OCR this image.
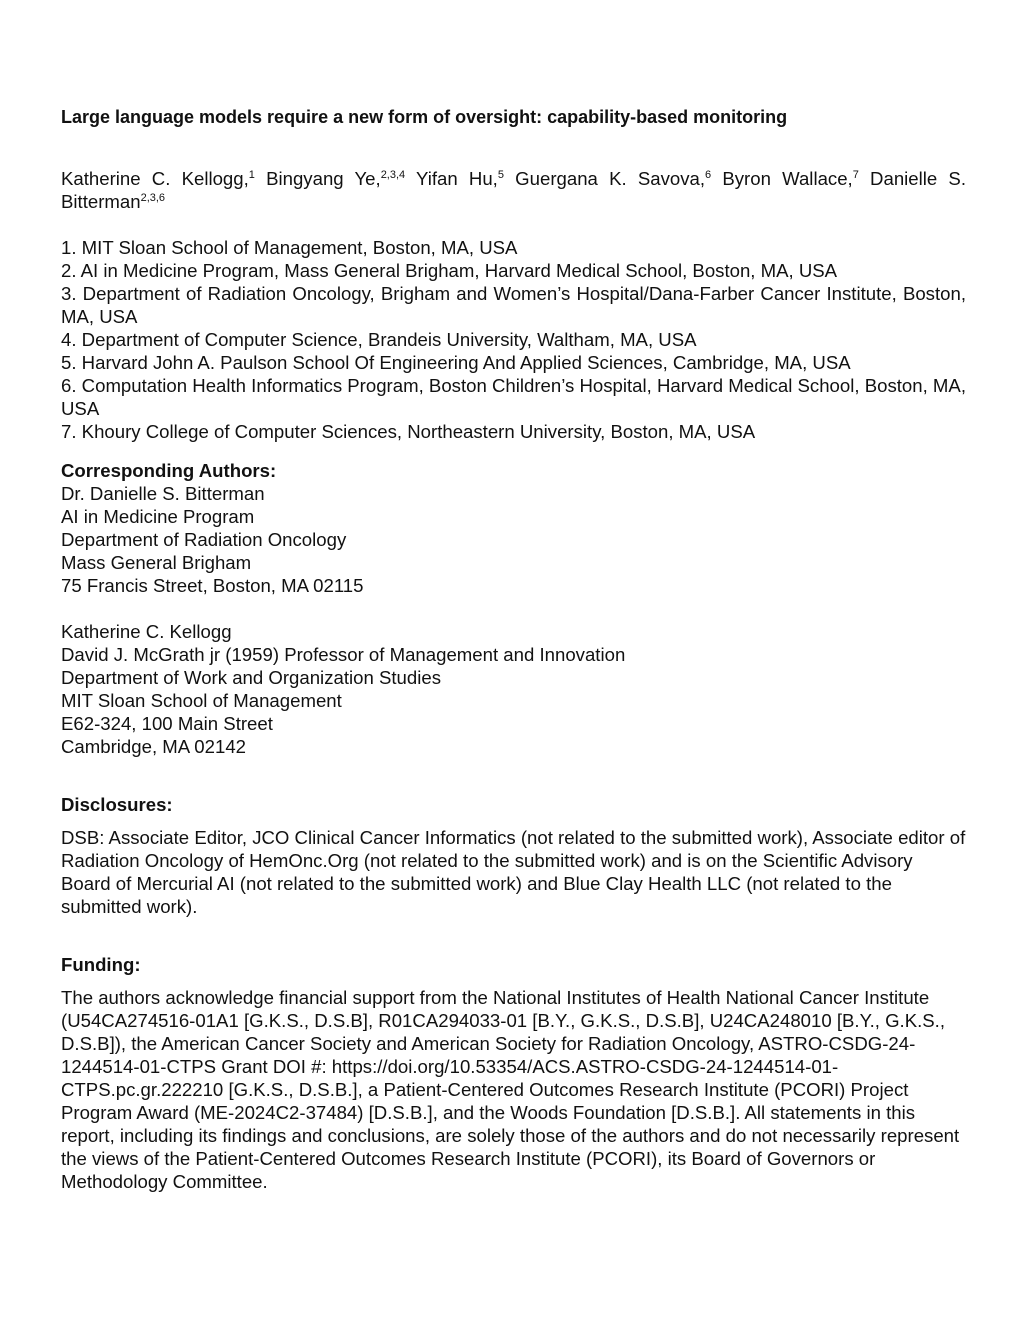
Large language models require a new form of oversight: capability-based monitoring
Katherine C. Kellogg,$^1$ Bingyang Ye,$^{2,3,4}$ Yifan Hu,$^5$ Guergana K. Savova,$^6$ Byron Wallace,$^7$ Danielle S. Bitterman$^{2,3,6}$
1. MIT Sloan School of Management, Boston, MA, USA
2. AI in Medicine Program, Mass General Brigham, Harvard Medical School, Boston, MA, USA
3. Department of Radiation Oncology, Brigham and Women’s Hospital/Dana-Farber Cancer Institute, Boston, MA, USA
4. Department of Computer Science, Brandeis University, Waltham, MA, USA
5. Harvard John A. Paulson School Of Engineering And Applied Sciences, Cambridge, MA, USA
6. Computation Health Informatics Program, Boston Children’s Hospital, Harvard Medical School, Boston, MA, USA
7. Khoury College of Computer Sciences, Northeastern University, Boston, MA, USA
Corresponding Authors:
Dr. Danielle S. Bitterman
AI in Medicine Program
Department of Radiation Oncology
Mass General Brigham
75 Francis Street, Boston, MA 02115
Katherine C. Kellogg
David J. McGrath jr (1959) Professor of Management and Innovation
Department of Work and Organization Studies
MIT Sloan School of Management
E62-324, 100 Main Street
Cambridge, MA 02142
Disclosures:
DSB: Associate Editor, JCO Clinical Cancer Informatics (not related to the submitted work), Associate editor of Radiation Oncology of HemOnc.Org (not related to the submitted work) and is on the Scientific Advisory Board of Mercurial AI (not related to the submitted work) and Blue Clay Health LLC (not related to the submitted work).
Funding:
The authors acknowledge financial support from the National Institutes of Health National Cancer Institute (U54CA274516-01A1 [G.K.S., D.S.B], R01CA294033-01 [B.Y., G.K.S., D.S.B], U24CA248010 [B.Y., G.K.S., D.S.B]), the American Cancer Society and American Society for Radiation Oncology, ASTRO-CSDG-24-1244514-01-CTPS Grant DOI #: https://doi.org/10.53354/ACS.ASTRO-CSDG-24-1244514-01-CTPS.pc.gr.222210 [G.K.S., D.S.B.], a Patient-Centered Outcomes Research Institute (PCORI) Project Program Award (ME-2024C2-37484) [D.S.B.], and the Woods Foundation [D.S.B.]. All statements in this report, including its findings and conclusions, are solely those of the authors and do not necessarily represent the views of the Patient-Centered Outcomes Research Institute (PCORI), its Board of Governors or Methodology Committee.
